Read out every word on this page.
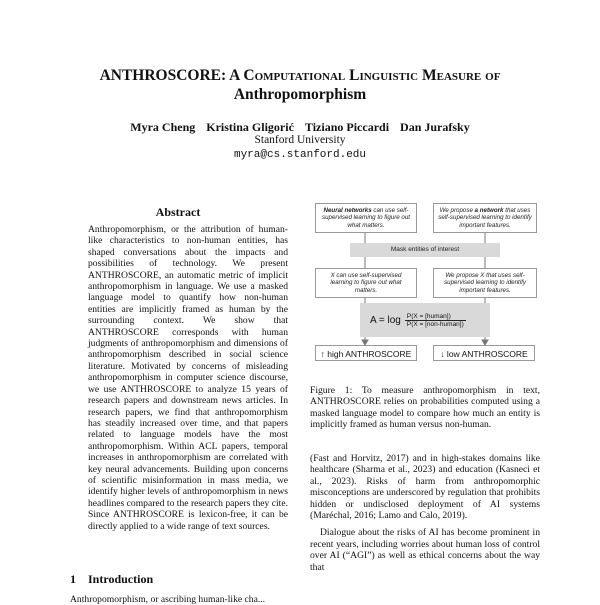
ANTHROSCORE: A Computational Linguistic Measure of
Anthropomorphism
Myra Cheng Kristina Gligorić Tiziano Piccardi Dan Jurafsky
Stanford University
myra@cs.stanford.edu
Abstract
Anthropomorphism, or the attribution of human-like characteristics to non-human entities, has shaped conversations about the impacts and possibilities of technology. We present ANTHROSCORE, an automatic metric of implicit anthropomorphism in language. We use a masked language model to quantify how non-human entities are implicitly framed as human by the surrounding context. We show that ANTHROSCORE corresponds with human judgments of anthropomorphism and dimensions of anthropomorphism described in social science literature. Motivated by concerns of misleading anthropomorphism in computer science discourse, we use ANTHROSCORE to analyze 15 years of research papers and downstream news articles. In research papers, we find that anthropomorphism has steadily increased over time, and that papers related to language models have the most anthropomorphism. Within ACL papers, temporal increases in anthropomorphism are correlated with key neural advancements. Building upon concerns of scientific misinformation in mass media, we identify higher levels of anthropomorphism in news headlines compared to the research papers they cite. Since ANTHROSCORE is lexicon-free, it can be directly applied to a wide range of text sources.
1 Introduction
Anthropomorphism, or ascribing human-like cha...
Neural networks can use self-supervised learning to figure out what matters.
We propose a network that uses self-supervised learning to identify important features.
Mask entities of interest
X can use self-supervised learning to figure out what matters.
We propose X that uses self-supervised learning to identify important features.
$A = \log \frac{\text{P(X = [human])}}{\text{P(X = [non-human])}}$
↑ high ANTHROSCORE	↓ low ANTHROSCORE
Figure 1: To measure anthropomorphism in text, ANTHROSCORE relies on probabilities computed using a masked language model to compare how much an entity is implicitly framed as human versus non-human.

(Fast and Horvitz, 2017) and in high-stakes domains like healthcare (Sharma et al., 2023) and education (Kasneci et al., 2023). Risks of harm from anthropomorphic misconceptions are underscored by regulation that prohibits hidden or undisclosed deployment of AI systems (Maréchal, 2016; Lamo and Calo, 2019).

Dialogue about the risks of AI has become prominent in recent years, including worries about human loss of control over AI (“AGI”) as well as ethical concerns about the way that
